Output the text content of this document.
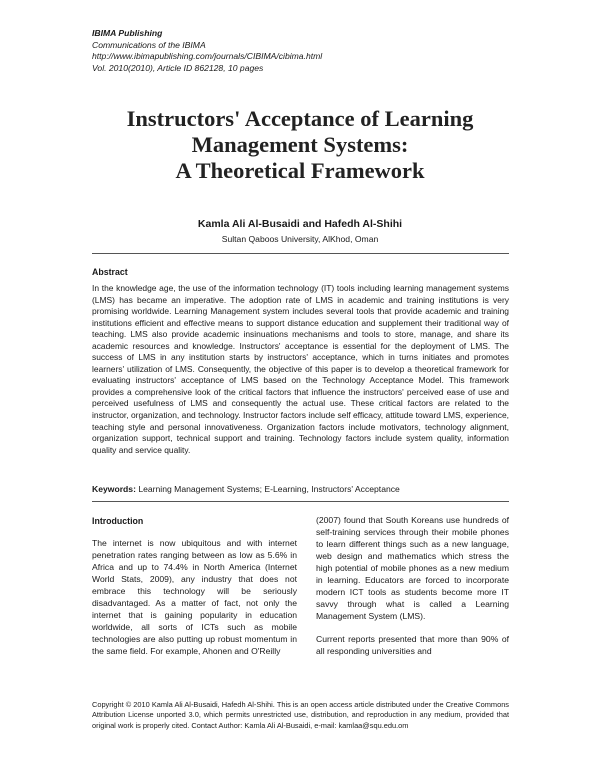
IBIMA Publishing
Communications of the IBIMA
http://www.ibimapublishing.com/journals/CIBIMA/cibima.html
Vol. 2010(2010), Article ID 862128, 10 pages
Instructors' Acceptance of Learning
Management Systems:
A Theoretical Framework
Kamla Ali Al-Busaidi and Hafedh Al-Shihi
Sultan Qaboos University, AlKhod, Oman
Abstract

In the knowledge age, the use of the information technology (IT) tools including learning management systems (LMS) has became an imperative. The adoption rate of LMS in academic and training institutions is very promising worldwide. Learning Management system includes several tools that provide academic and training institutions efficient and effective means to support distance education and supplement their traditional way of teaching. LMS also provide academic insinuations mechanisms and tools to store, manage, and share its academic resources and knowledge. Instructors' acceptance is essential for the deployment of LMS. The success of LMS in any institution starts by instructors' acceptance, which in turns initiates and promotes learners' utilization of LMS. Consequently, the objective of this paper is to develop a theoretical framework for evaluating instructors' acceptance of LMS based on the Technology Acceptance Model. This framework provides a comprehensive look of the critical factors that influence the instructors' perceived ease of use and perceived usefulness of LMS and consequently the actual use. These critical factors are related to the instructor, organization, and technology. Instructor factors include self efficacy, attitude toward LMS, experience, teaching style and personal innovativeness. Organization factors include motivators, technology alignment, organization support, technical support and training. Technology factors include system quality, information quality and service quality.

Keywords: Learning Management Systems; E-Learning, Instructors' Acceptance
Introduction

The internet is now ubiquitous and with internet penetration rates ranging between as low as 5.6% in Africa and up to 74.4% in North America (Internet World Stats, 2009), any industry that does not embrace this technology will be seriously disadvantaged. As a matter of fact, not only the internet that is gaining popularity in education worldwide, all sorts of ICTs such as mobile technologies are also putting up robust momentum in the same field. For example, Ahonen and O'Reilly

(2007) found that South Koreans use hundreds of self-training services through their mobile phones to learn different things such as a new language, web design and mathematics which stress the high potential of mobile phones as a new medium in learning. Educators are forced to incorporate modern ICT tools as students become more IT savvy through what is called a Learning Management System (LMS).

Current reports presented that more than 90% of all responding universities and

Copyright © 2010 Kamla Ali Al-Busaidi, Hafedh Al-Shihi. This is an open access article distributed under the Creative Commons Attribution License unported 3.0, which permits unrestricted use, distribution, and reproduction in any medium, provided that original work is properly cited. Contact Author: Kamla Ali Al-Busaidi, e-mail: kamlaa@squ.edu.om
